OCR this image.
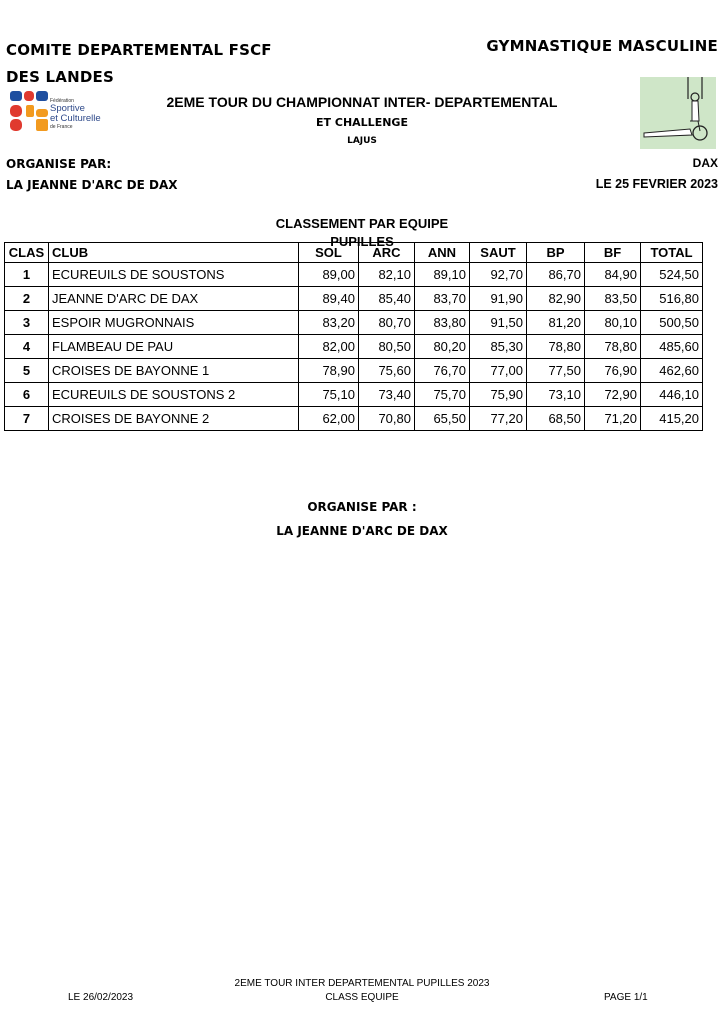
COMITE DEPARTEMENTAL FSCF
DES LANDES
GYMNASTIQUE MASCULINE
Fédération
Sportive
et Culturelle
de France
2EME TOUR DU CHAMPIONNAT INTER- DEPARTEMENTAL
ET CHALLENGE
LAJUS
ORGANISE PAR:
LA JEANNE D'ARC DE DAX
DAX
LE 25 FEVRIER 2023
CLASSEMENT PAR EQUIPE
PUPILLES
CLAS	CLUB	SOL	ARC	ANN	SAUT	BP	BF	TOTAL
1	ECUREUILS DE SOUSTONS	89,00	82,10	89,10	92,70	86,70	84,90	524,50
2	JEANNE D'ARC DE DAX	89,40	85,40	83,70	91,90	82,90	83,50	516,80
3	ESPOIR MUGRONNAIS	83,20	80,70	83,80	91,50	81,20	80,10	500,50
4	FLAMBEAU DE PAU	82,00	80,50	80,20	85,30	78,80	78,80	485,60
5	CROISES DE BAYONNE 1	78,90	75,60	76,70	77,00	77,50	76,90	462,60
6	ECUREUILS DE SOUSTONS 2	75,10	73,40	75,70	75,90	73,10	72,90	446,10
7	CROISES DE BAYONNE 2	62,00	70,80	65,50	77,20	68,50	71,20	415,20
ORGANISE PAR :
LA JEANNE D'ARC DE DAX
2EME TOUR INTER DEPARTEMENTAL PUPILLES 2023
CLASS EQUIPE
LE 26/02/2023	PAGE 1/1
